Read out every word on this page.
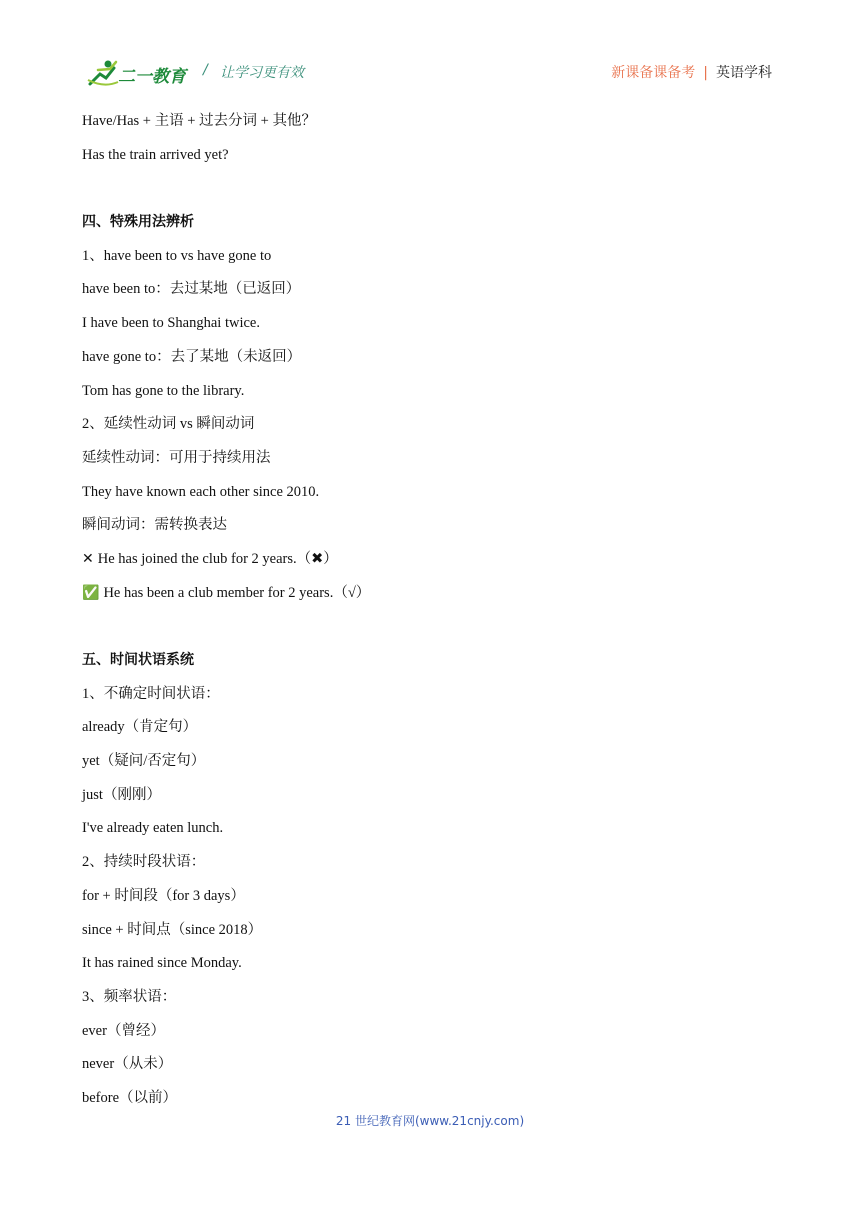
二一教育 / 让学习更有效	新课备课备考 | 英语学科
Have/Has + 主语 + 过去分词 + 其他？
Has the train arrived yet?
四、特殊用法辨析
1、have been to vs have gone to
have been to：去过某地（已返回）
I have been to Shanghai twice.
have gone to：去了某地（未返回）
Tom has gone to the library.
2、延续性动词 vs 瞬间动词
延续性动词：可用于持续用法
They have known each other since 2010.
瞬间动词：需转换表达
✕ He has joined the club for 2 years.（✖）
✅ He has been a club member for 2 years.（√）
五、时间状语系统
1、不确定时间状语：
already（肯定句）
yet（疑问/否定句）
just（刚刚）
I've already eaten lunch.
2、持续时段状语：
for + 时间段（for 3 days）
since + 时间点（since 2018）
It has rained since Monday.
3、频率状语：
ever（曾经）
never（从未）
before（以前）
21 世纪教育网(www.21cnjy.com)
